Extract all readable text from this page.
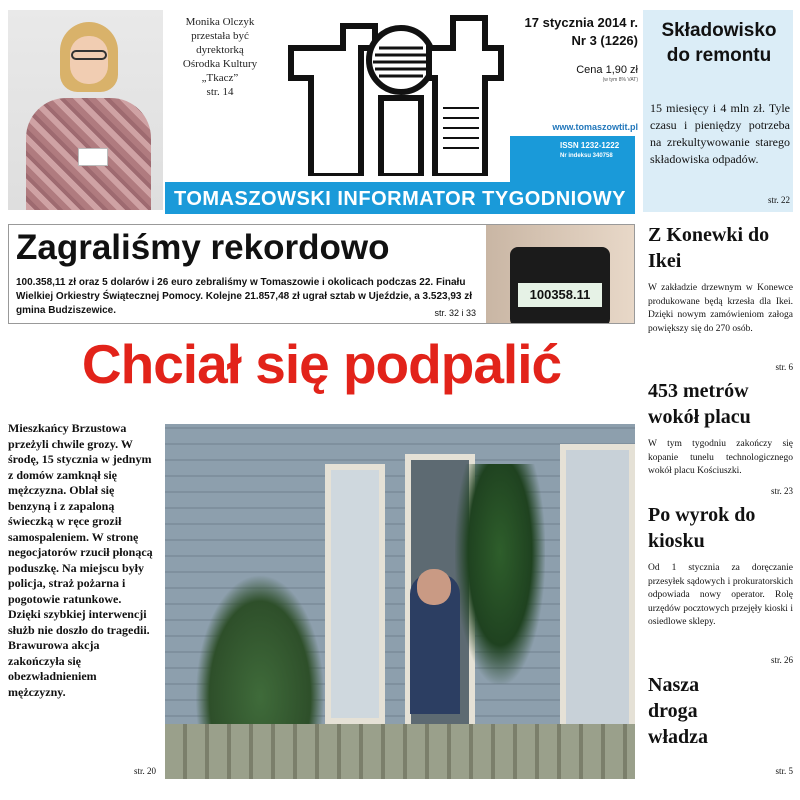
Monika Olczyk
przestała być
dyrektorką
Ośrodka Kultury
„Tkacz”
str. 14
17 stycznia 2014 r.
Nr 3 (1226)
Cena 1,90 zł
(w tym 8% VAT)
www.tomaszowtit.pl
ISSN 1232-1222
Nr indeksu 340758
TOMASZOWSKI INFORMATOR TYGODNIOWY
Składowisko
do remontu
15 miesięcy i 4 mln zł. Tyle czasu i pieniędzy potrzeba na zrekultywowanie starego składowiska odpadów.
str. 22
Zagraliśmy rekordowo
100.358,11 zł oraz 5 dolarów i 26 euro zebraliśmy w Tomaszowie i okolicach podczas 22. Finału Wielkiej Orkiestry Świątecznej Pomocy. Kolejne 21.857,48 zł ugrał sztab w Ujeździe, a 3.523,93 zł gmina Budziszewice.	str. 32 i 33
100358.11
Chciał się podpalić
Mieszkańcy Brzustowa przeżyli chwile grozy. W środę, 15 stycznia w jednym z domów zamknął się mężczyzna. Oblał się benzyną i z zapaloną świeczką w ręce groził samospaleniem. W stronę negocjatorów rzucił płonącą poduszkę. Na miejscu były policja, straż pożarna i pogotowie ratunkowe. Dzięki szybkiej interwencji służb nie doszło do tragedii. Brawurowa akcja zakończyła się obezwładnieniem mężczyzny.
str. 20
Z Konewki do Ikei
W zakładzie drzewnym w Konewce produkowane będą krzesła dla Ikei. Dzięki nowym zamówieniom załoga powiększy się do 270 osób.
str. 6
453 metrów wokół placu
W tym tygodniu zakończy się kopanie tunelu technologicznego wokół placu Kościuszki.
str. 23
Po wyrok do kiosku
Od 1 stycznia za doręczanie przesyłek sądowych i prokuratorskich odpowiada nowy operator. Rolę urzędów pocztowych przejęły kioski i osiedlowe sklepy.
str. 26
Nasza droga władza
str. 5
